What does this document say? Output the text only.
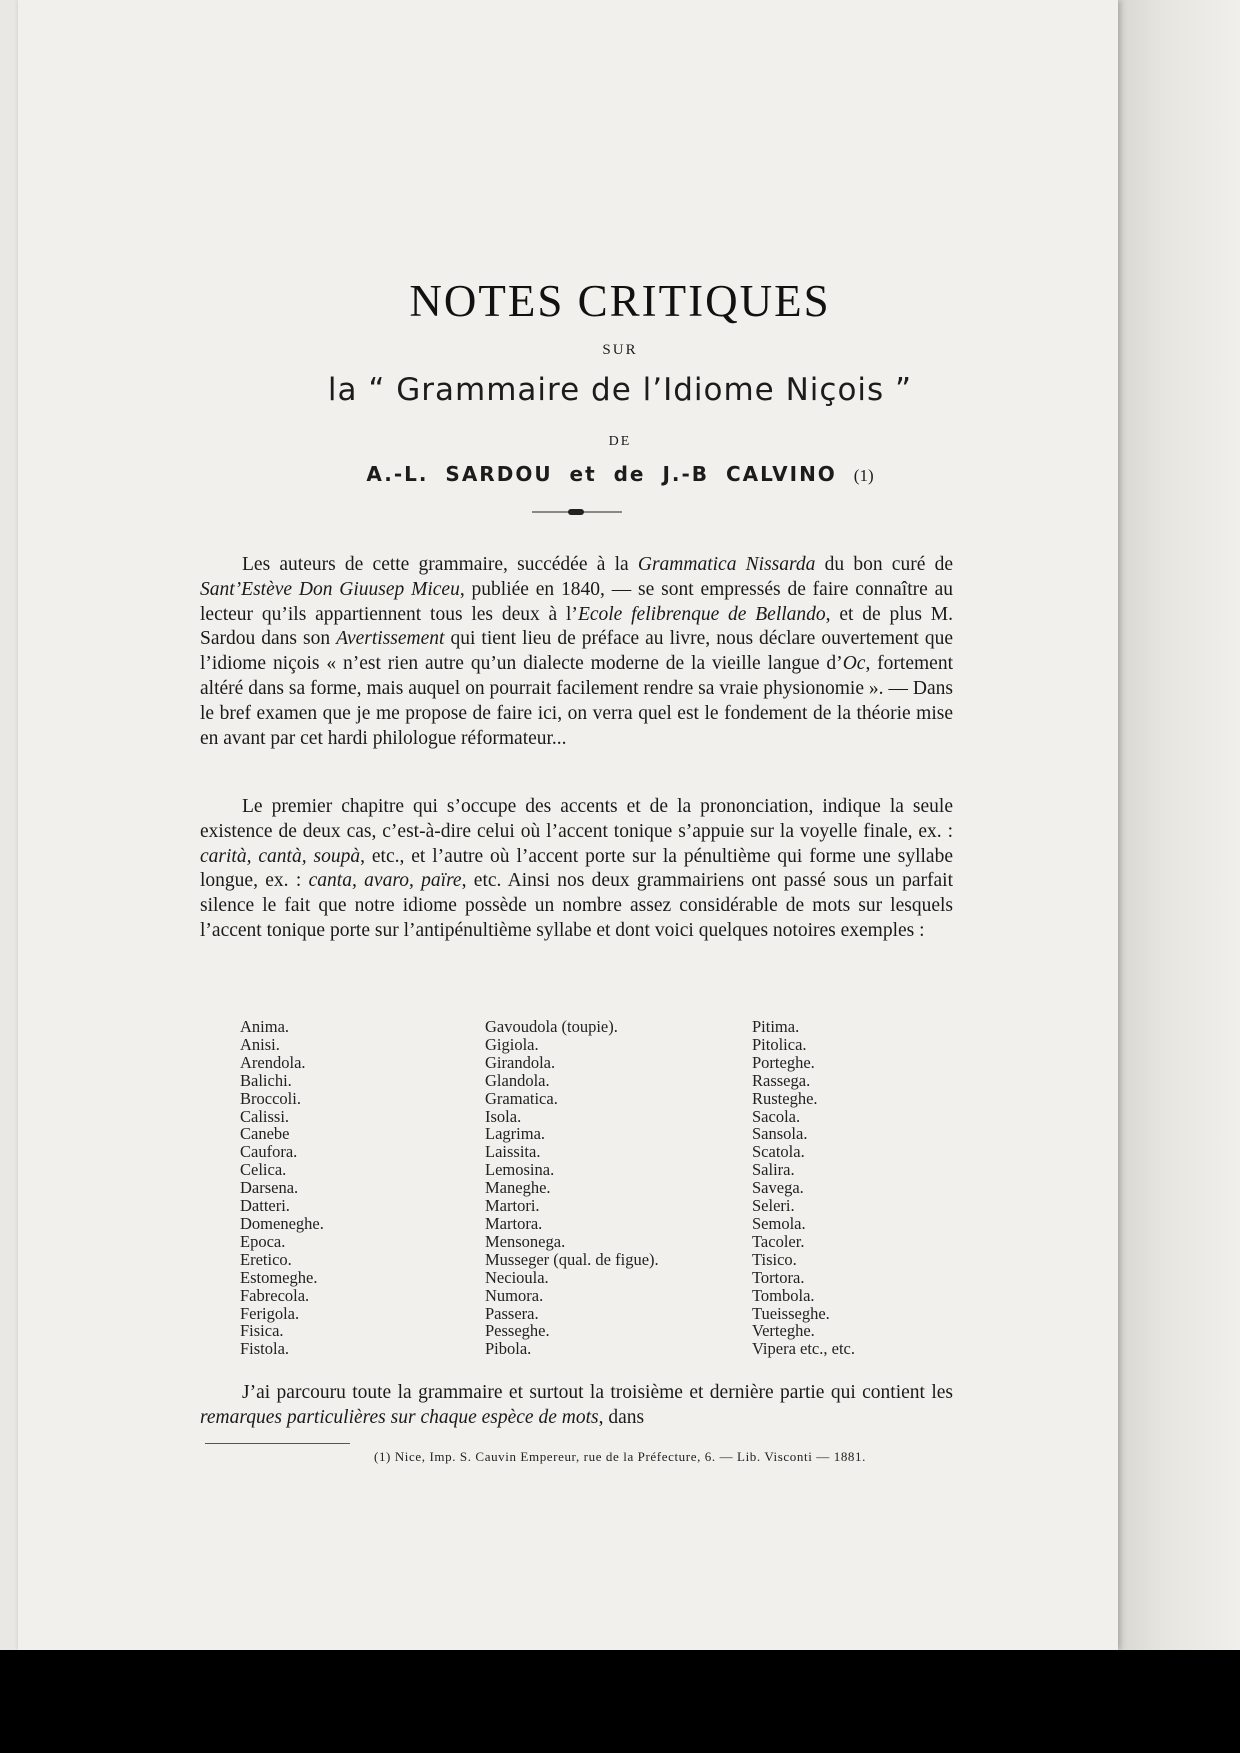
NOTES CRITIQUES
SUR
la “ Grammaire de l’Idiome Niçois ”
DE
A.-L. SARDOU et de J.-B CALVINO (1)

Les auteurs de cette grammaire, succédée à la Grammatica Nissarda du bon curé de Sant’Estève Don Giuusep Miceu, publiée en 1840, — se sont empressés de faire connaître au lecteur qu’ils appartiennent tous les deux à l’Ecole felibrenque de Bellando, et de plus M. Sardou dans son Avertissement qui tient lieu de préface au livre, nous déclare ouvertement que l’idiome niçois « n’est rien autre qu’un dialecte moderne de la vieille langue d’Oc, fortement altéré dans sa forme, mais auquel on pourrait facilement rendre sa vraie physionomie ». — Dans le bref examen que je me propose de faire ici, on verra quel est le fondement de la théorie mise en avant par cet hardi philologue réformateur...

Le premier chapitre qui s’occupe des accents et de la prononciation, indique la seule existence de deux cas, c’est-à-dire celui où l’accent tonique s’appuie sur la voyelle finale, ex. : carità, cantà, soupà, etc., et l’autre où l’accent porte sur la pénultième qui forme une syllabe longue, ex. : canta, avaro, païre, etc. Ainsi nos deux grammairiens ont passé sous un parfait silence le fait que notre idiome possède un nombre assez considérable de mots sur lesquels l’accent tonique porte sur l’antipénultième syllabe et dont voici quelques notoires exemples :

Anima.
Anisi.
Arendola.
Balichi.
Broccoli.
Calissi.
Canebe
Caufora.
Celica.
Darsena.
Datteri.
Domeneghe.
Epoca.
Eretico.
Estomeghe.
Fabrecola.
Ferigola.
Fisica.
Fistola.
Gavoudola (toupie).
Gigiola.
Girandola.
Glandola.
Gramatica.
Isola.
Lagrima.
Laissita.
Lemosina.
Maneghe.
Martori.
Martora.
Mensonega.
Musseger (qual. de figue).
Necioula.
Numora.
Passera.
Pesseghe.
Pibola.
Pitima.
Pitolica.
Porteghe.
Rassega.
Rusteghe.
Sacola.
Sansola.
Scatola.
Salira.
Savega.
Seleri.
Semola.
Tacoler.
Tisico.
Tortora.
Tombola.
Tueisseghe.
Verteghe.
Vipera etc., etc.

J’ai parcouru toute la grammaire et surtout la troisième et dernière partie qui contient les remarques particulières sur chaque espèce de mots, dans

(1) Nice, Imp. S. Cauvin Empereur, rue de la Préfecture, 6. — Lib. Visconti — 1881.
